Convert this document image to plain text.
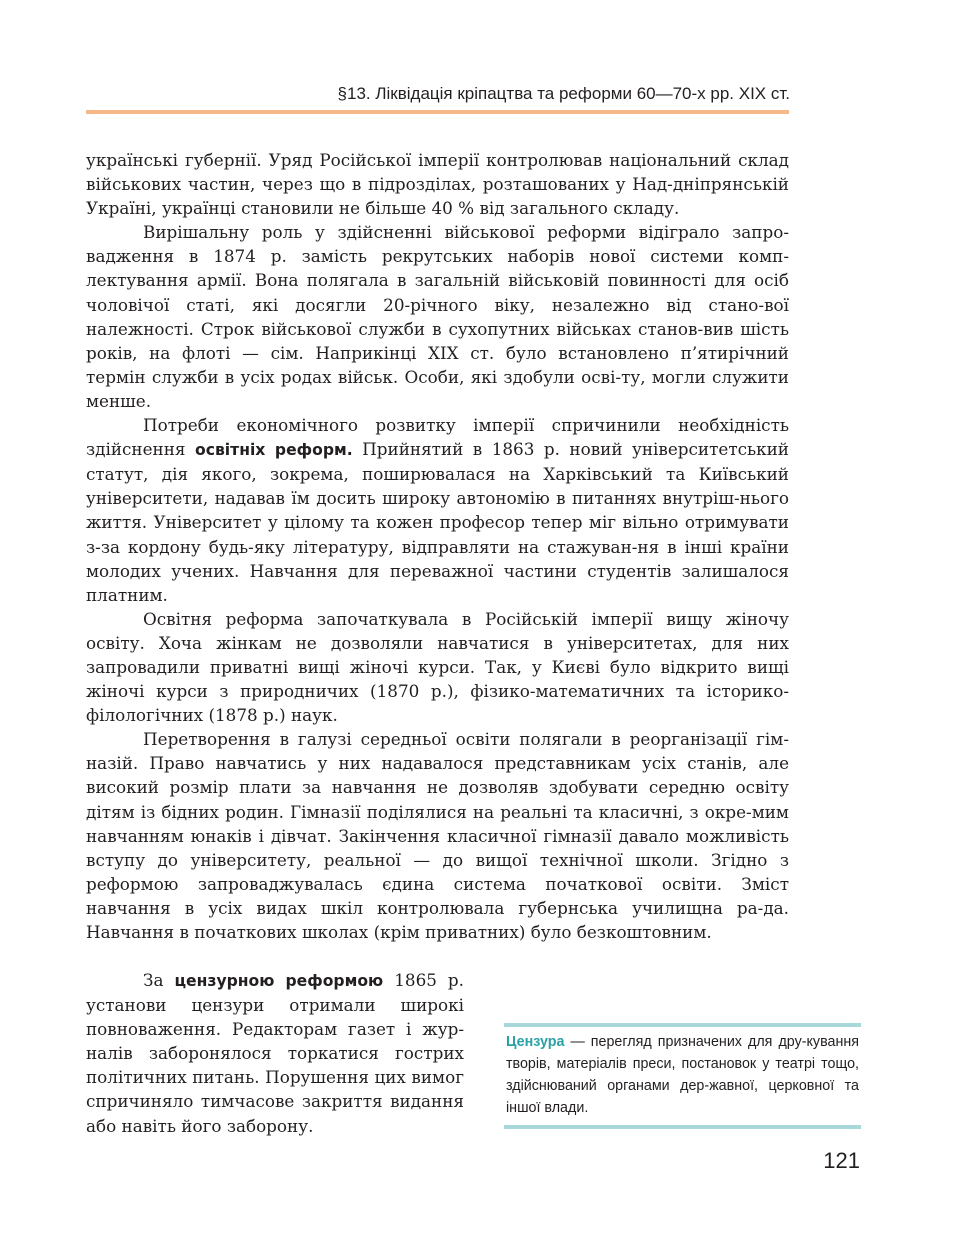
§13. Ліквідація кріпацтва та реформи 60—70-х рр. XIX ст.

українські губернії. Уряд Російської імперії контролював національний склад військових частин, через що в підрозділах, розташованих у Над-дніпрянській Україні, українці становили не більше 40 % від загального складу.

Вирішальну роль у здійсненні військової реформи відіграло запро-вадження в 1874 р. замість рекрутських наборів нової системи комп-лектування армії. Вона полягала в загальній військовій повинності для осіб чоловічої статі, які досягли 20-річного віку, незалежно від стано-вої належності. Строк військової служби в сухопутних військах станов-вив шість років, на флоті — сім. Наприкінці XIX ст. було встановлено п’ятирічний термін служби в усіх родах військ. Особи, які здобули осві-ту, могли служити менше.

Потреби економічного розвитку імперії спричинили необхідність здійснення освітніх реформ. Прийнятий в 1863 р. новий університетський статут, дія якого, зокрема, поширювалася на Харківський та Київський університети, надавав їм досить широку автономію в питаннях внутріш-нього життя. Університет у цілому та кожен професор тепер міг вільно отримувати з-за кордону будь-яку літературу, відправляти на стажуван-ня в інші країни молодих учених. Навчання для переважної частини студентів залишалося платним.

Освітня реформа започаткувала в Російській імперії вищу жіночу освіту. Хоча жінкам не дозволяли навчатися в університетах, для них запровадили приватні вищі жіночі курси. Так, у Києві було відкрито вищі жіночі курси з природничих (1870 р.), фізико-математичних та історико-філологічних (1878 р.) наук.

Перетворення в галузі середньої освіти полягали в реорганізації гім-назій. Право навчатись у них надавалося представникам усіх станів, але високий розмір плати за навчання не дозволяв здобувати середню освіту дітям із бідних родин. Гімназії поділялися на реальні та класичні, з окре-мим навчанням юнаків і дівчат. Закінчення класичної гімназії давало можливість вступу до університету, реальної — до вищої технічної школи. Згідно з реформою запроваджувалась єдина система початкової освіти. Зміст навчання в усіх видах шкіл контролювала губернська училищна ра-да. Навчання в початкових школах (крім приватних) було безкоштовним.

За цензурною реформою 1865 р. установи цензури отримали широкі повноваження. Редакторам газет і жур-налів заборонялося торкатися гострих політичних питань. Порушення цих вимог спричиняло тимчасове закриття видання або навіть його заборону.

Цензура — перегляд призначених для дру-кування творів, матеріалів преси, постановок у театрі тощо, здійснюваний органами дер-жавної, церковної та іншої влади.
121
